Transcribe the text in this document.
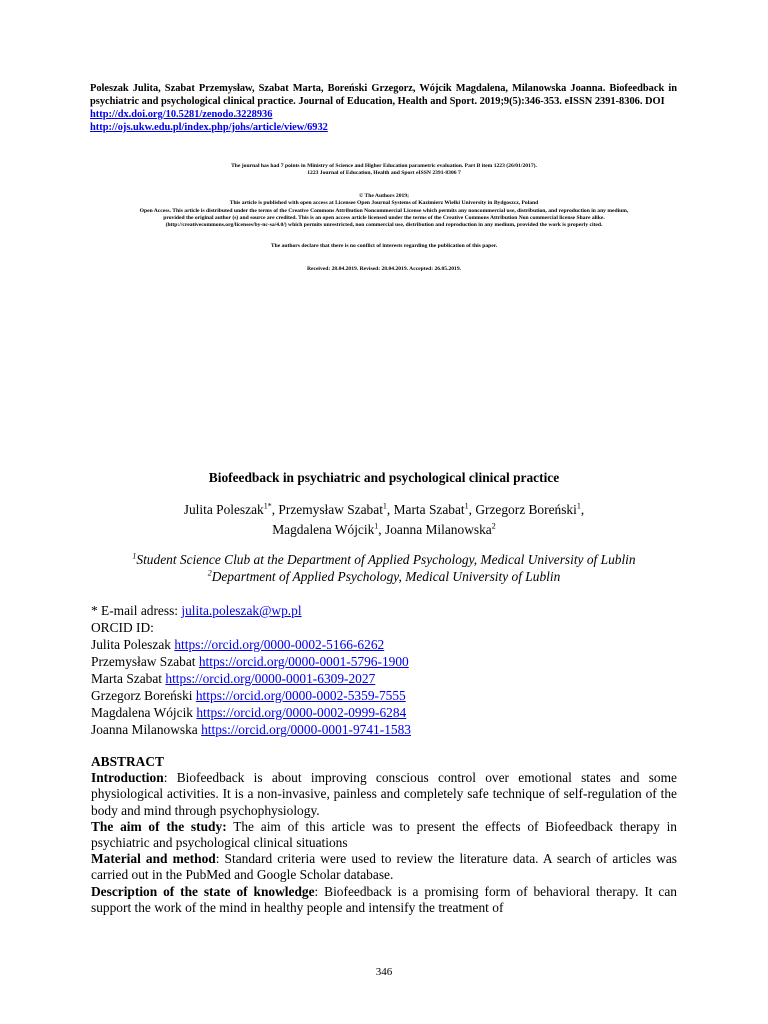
Poleszak Julita, Szabat Przemysław, Szabat Marta, Boreński Grzegorz, Wójcik Magdalena, Milanowska Joanna. Biofeedback in psychiatric and psychological clinical practice. Journal of Education, Health and Sport. 2019;9(5):346-353. eISSN 2391-8306. DOI
http://dx.doi.org/10.5281/zenodo.3228936
http://ojs.ukw.edu.pl/index.php/johs/article/view/6932
The journal has had 7 points in Ministry of Science and Higher Education parametric evaluation. Part B item 1223 (26/01/2017).
1223 Journal of Education, Health and Sport eISSN 2391-8306 7
© The Authors 2019;
This article is published with open access at Licensee Open Journal Systems of Kazimierz Wielki University in Bydgoszcz, Poland
Open Access. This article is distributed under the terms of the Creative Commons Attribution Noncommercial License which permits any noncommercial use, distribution, and reproduction in any medium,
provided the original author (s) and source are credited. This is an open access article licensed under the terms of the Creative Commons Attribution Non commercial license Share alike.
(http://creativecommons.org/licenses/by-nc-sa/4.0/) which permits unrestricted, non commercial use, distribution and reproduction in any medium, provided the work is properly cited.
The authors declare that there is no conflict of interests regarding the publication of this paper.
Received: 28.04.2019. Revised: 28.04.2019. Accepted: 26.05.2019.
Biofeedback in psychiatric and psychological clinical practice
Julita Poleszak$^{1*}$, Przemysław Szabat$^1$, Marta Szabat$^1$, Grzegorz Boreński$^1$,
Magdalena Wójcik$^1$, Joanna Milanowska$^2$
$^1$Student Science Club at the Department of Applied Psychology, Medical University of Lublin
$^2$Department of Applied Psychology, Medical University of Lublin
* E-mail adress: julita.poleszak@wp.pl
ORCID ID:
Julita Poleszak https://orcid.org/0000-0002-5166-6262
Przemysław Szabat https://orcid.org/0000-0001-5796-1900
Marta Szabat https://orcid.org/0000-0001-6309-2027
Grzegorz Boreński https://orcid.org/0000-0002-5359-7555
Magdalena Wójcik https://orcid.org/0000-0002-0999-6284
Joanna Milanowska https://orcid.org/0000-0001-9741-1583

ABSTRACT

Introduction: Biofeedback is about improving conscious control over emotional states and some physiological activities. It is a non-invasive, painless and completely safe technique of self-regulation of the body and mind through psychophysiology.

The aim of the study: The aim of this article was to present the effects of Biofeedback therapy in psychiatric and psychological clinical situations

Material and method: Standard criteria were used to review the literature data. A search of articles was carried out in the PubMed and Google Scholar database.

Description of the state of knowledge: Biofeedback is a promising form of behavioral therapy. It can support the work of the mind in healthy people and intensify the treatment of

346
